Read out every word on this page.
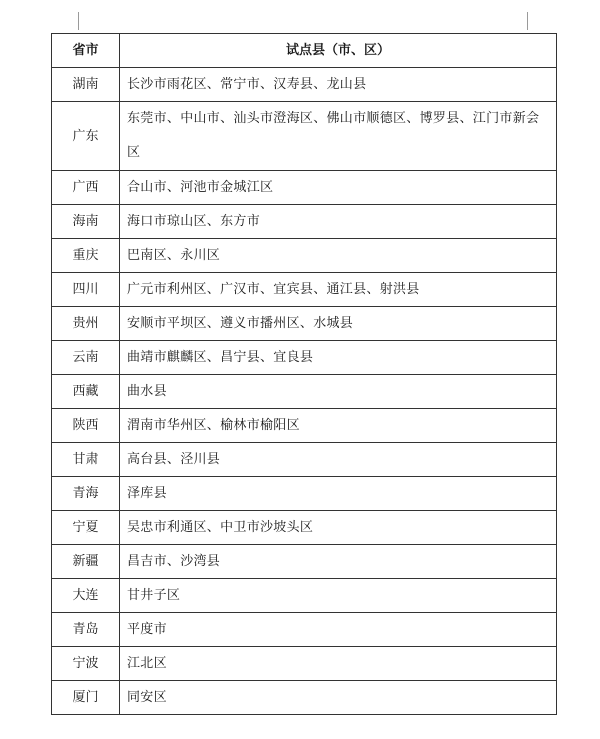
省市	试点县（市、区）
湖南	长沙市雨花区、常宁市、汉寿县、龙山县
广东	东莞市、中山市、汕头市澄海区、佛山市顺德区、博罗县、江门市新会区
广西	合山市、河池市金城江区
海南	海口市琼山区、东方市
重庆	巴南区、永川区
四川	广元市利州区、广汉市、宜宾县、通江县、射洪县
贵州	安顺市平坝区、遵义市播州区、水城县
云南	曲靖市麒麟区、昌宁县、宜良县
西藏	曲水县
陕西	渭南市华州区、榆林市榆阳区
甘肃	高台县、泾川县
青海	泽库县
宁夏	吴忠市利通区、中卫市沙坡头区
新疆	昌吉市、沙湾县
大连	甘井子区
青岛	平度市
宁波	江北区
厦门	同安区
